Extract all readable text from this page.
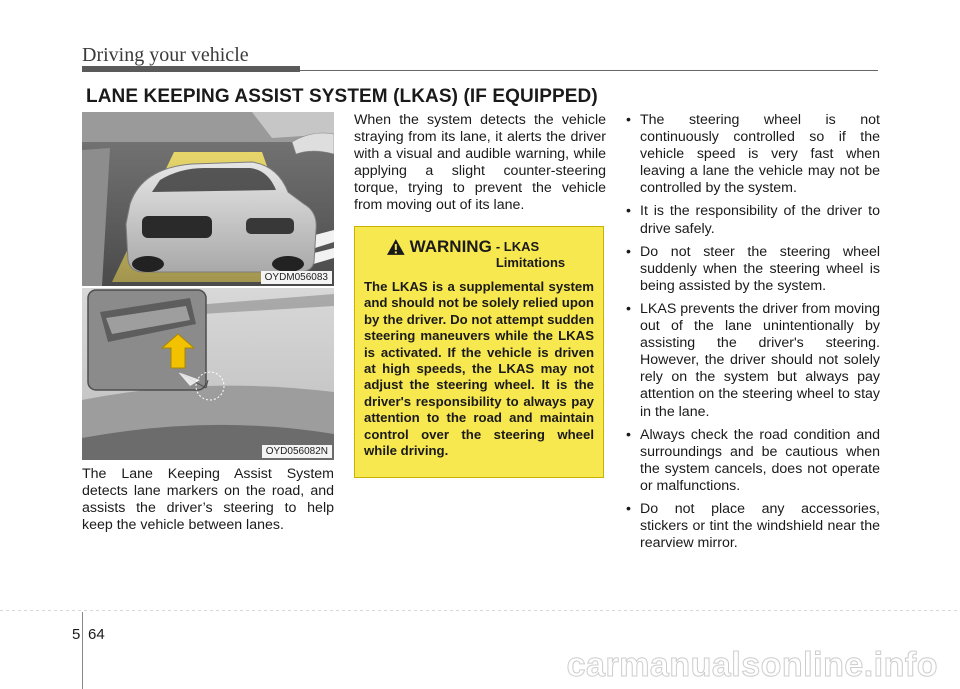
Driving your vehicle
LANE KEEPING ASSIST SYSTEM (LKAS) (IF EQUIPPED)
OYDM056083
OYD056082N

The Lane Keeping Assist System detects lane markers on the road, and assists the driver’s steering to help keep the vehicle between lanes.

When the system detects the vehicle straying from its lane, it alerts the driver with a visual and audible warning, while applying a slight counter-steering torque, trying to prevent the vehicle from moving out of its lane.

WARNING - LKAS Limitations

The LKAS is a supplemental system and should not be solely relied upon by the driver. Do not attempt sudden steering maneuvers while the LKAS is activated. If the vehicle is driven at high speeds, the LKAS may not adjust the steering wheel. It is the driver's responsibility to always pay attention to the road and maintain control over the steering wheel while driving.

• The steering wheel is not continuously controlled so if the vehicle speed is very fast when leaving a lane the vehicle may not be controlled by the system.
• It is the responsibility of the driver to drive safely.
• Do not steer the steering wheel suddenly when the steering wheel is being assisted by the system.
• LKAS prevents the driver from moving out of the lane unintentionally by assisting the driver's steering. However, the driver should not solely rely on the system but always pay attention on the steering wheel to stay in the lane.
• Always check the road condition and surroundings and be cautious when the system cancels, does not operate or malfunctions.
• Do not place any accessories, stickers or tint the windshield near the rearview mirror.
5 64
carmanualsonline.info
